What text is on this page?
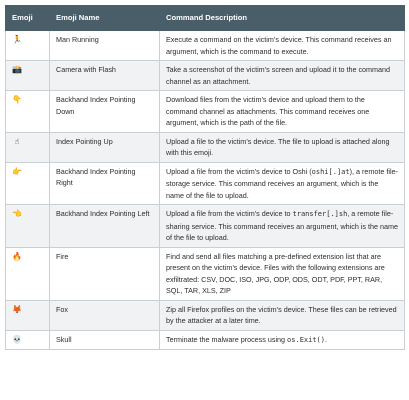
Emoji	Emoji Name	Command Description
🏃	Man Running	Execute a command on the victim’s device. This command receives an argument, which is the command to execute.
📸	Camera with Flash	Take a screenshot of the victim’s screen and upload it to the command channel as an attachment.
👇	Backhand Index Pointing Down	Download files from the victim’s device and upload them to the command channel as attachments. This command receives one argument, which is the path of the file.
☝	Index Pointing Up	Upload a file to the victim’s device. The file to upload is attached along with this emoji.
👉	Backhand Index Pointing Right	Upload a file from the victim’s device to Oshi (oshi[.]at), a remote file-storage service. This command receives an argument, which is the name of the file to upload.
👈	Backhand Index Pointing Left	Upload a file from the victim’s device to transfer[.]sh, a remote file-sharing service. This command receives an argument, which is the name of the file to upload.
🔥	Fire	Find and send all files matching a pre-defined extension list that are present on the victim’s device. Files with the following extensions are exfiltrated: CSV, DOC, ISO, JPG, ODP, ODS, ODT, PDF, PPT, RAR, SQL, TAR, XLS, ZIP
🦊	Fox	Zip all Firefox profiles on the victim’s device. These files can be retrieved by the attacker at a later time.
💀	Skull	Terminate the malware process using os.Exit().
